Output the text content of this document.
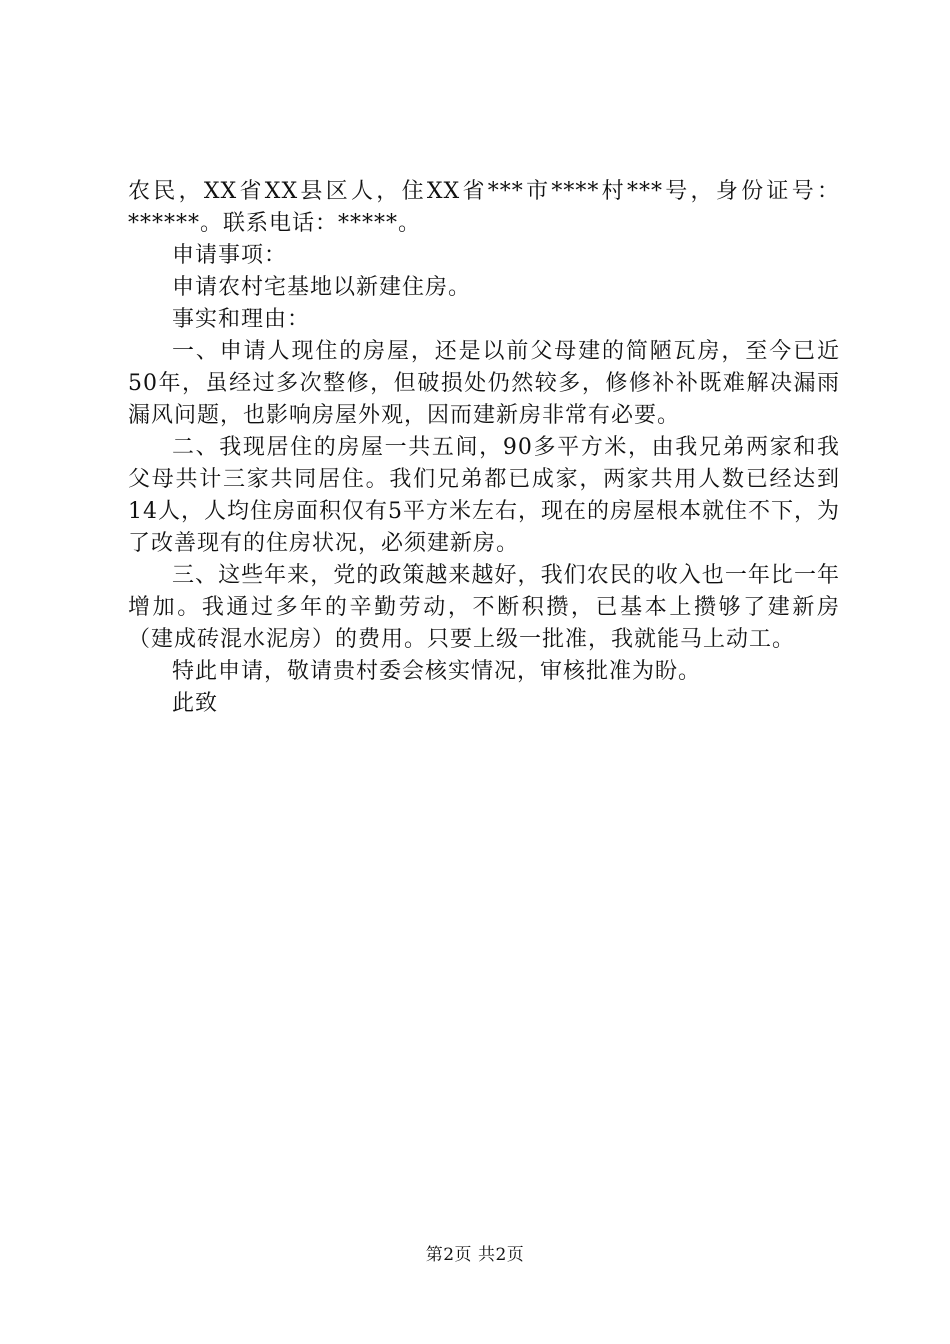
农民，XX省XX县区人，住XX省***市****村***号，身份证号：******。联系电话：*****。

申请事项：

申请农村宅基地以新建住房。

事实和理由：

一、申请人现住的房屋，还是以前父母建的简陋瓦房，至今已近50年，虽经过多次整修，但破损处仍然较多，修修补补既难解决漏雨漏风问题，也影响房屋外观，因而建新房非常有必要。

二、我现居住的房屋一共五间，90多平方米，由我兄弟两家和我父母共计三家共同居住。我们兄弟都已成家，两家共用人数已经达到14人，人均住房面积仅有5平方米左右，现在的房屋根本就住不下，为了改善现有的住房状况，必须建新房。

三、这些年来，党的政策越来越好，我们农民的收入也一年比一年增加。我通过多年的辛勤劳动，不断积攒，已基本上攒够了建新房（建成砖混水泥房）的费用。只要上级一批准，我就能马上动工。

特此申请，敬请贵村委会核实情况，审核批准为盼。

此致

第2页 共2页
